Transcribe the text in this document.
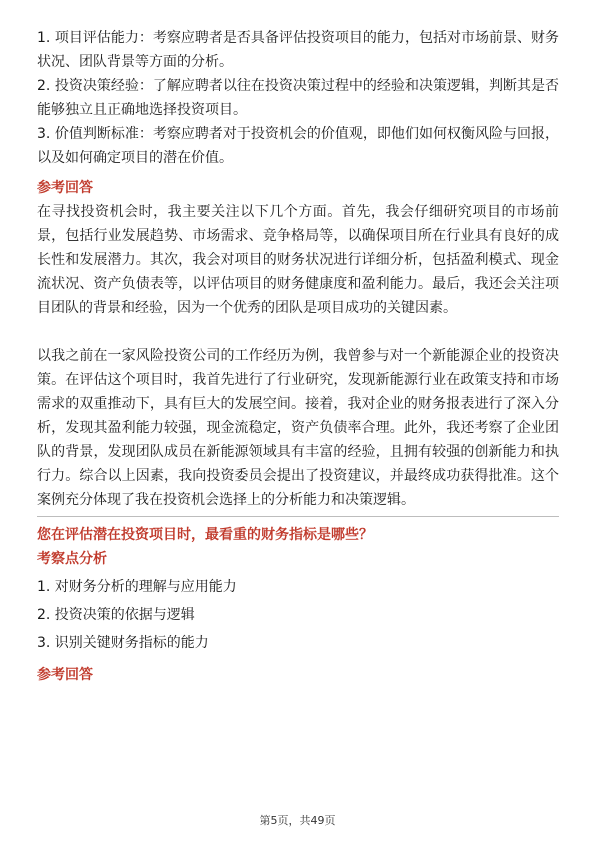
1. 项目评估能力：考察应聘者是否具备评估投资项目的能力，包括对市场前景、财务状况、团队背景等方面的分析。

2. 投资决策经验：了解应聘者以往在投资决策过程中的经验和决策逻辑，判断其是否能够独立且正确地选择投资项目。

3. 价值判断标准：考察应聘者对于投资机会的价值观，即他们如何权衡风险与回报，以及如何确定项目的潜在价值。

参考回答

在寻找投资机会时，我主要关注以下几个方面。首先，我会仔细研究项目的市场前景，包括行业发展趋势、市场需求、竞争格局等，以确保项目所在行业具有良好的成长性和发展潜力。其次，我会对项目的财务状况进行详细分析，包括盈利模式、现金流状况、资产负债表等，以评估项目的财务健康度和盈利能力。最后，我还会关注项目团队的背景和经验，因为一个优秀的团队是项目成功的关键因素。

以我之前在一家风险投资公司的工作经历为例，我曾参与对一个新能源企业的投资决策。在评估这个项目时，我首先进行了行业研究，发现新能源行业在政策支持和市场需求的双重推动下，具有巨大的发展空间。接着，我对企业的财务报表进行了深入分析，发现其盈利能力较强，现金流稳定，资产负债率合理。此外，我还考察了企业团队的背景，发现团队成员在新能源领域具有丰富的经验，且拥有较强的创新能力和执行力。综合以上因素，我向投资委员会提出了投资建议，并最终成功获得批准。这个案例充分体现了我在投资机会选择上的分析能力和决策逻辑。

您在评估潜在投资项目时，最看重的财务指标是哪些？

考察点分析

1. 对财务分析的理解与应用能力

2. 投资决策的依据与逻辑

3. 识别关键财务指标的能力

参考回答

第5页，共49页
